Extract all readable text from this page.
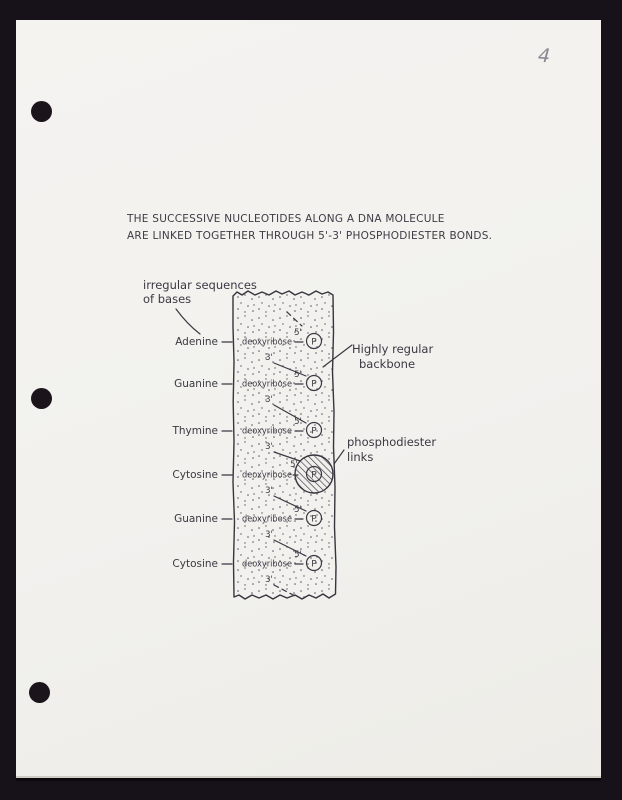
4
THE SUCCESSIVE NUCLEOTIDES ALONG A DNA MOLECULE
ARE LINKED TOGETHER THROUGH 5'-3' PHOSPHODIESTER BONDS.
irregular sequences
of bases
Adenine	deoxyribose
5'
P
3'
Guanine	deoxyribose
5'
P
3'
Thymine	deoxyribose
5'
P
3'
Cytosine	deoxyribose
5'
P
3'
Guanine	deoxyribose
5'
P
3'
Cytosine	deoxyribose
5'
P
3'
Highly regular
backbone
phosphodiester
links
